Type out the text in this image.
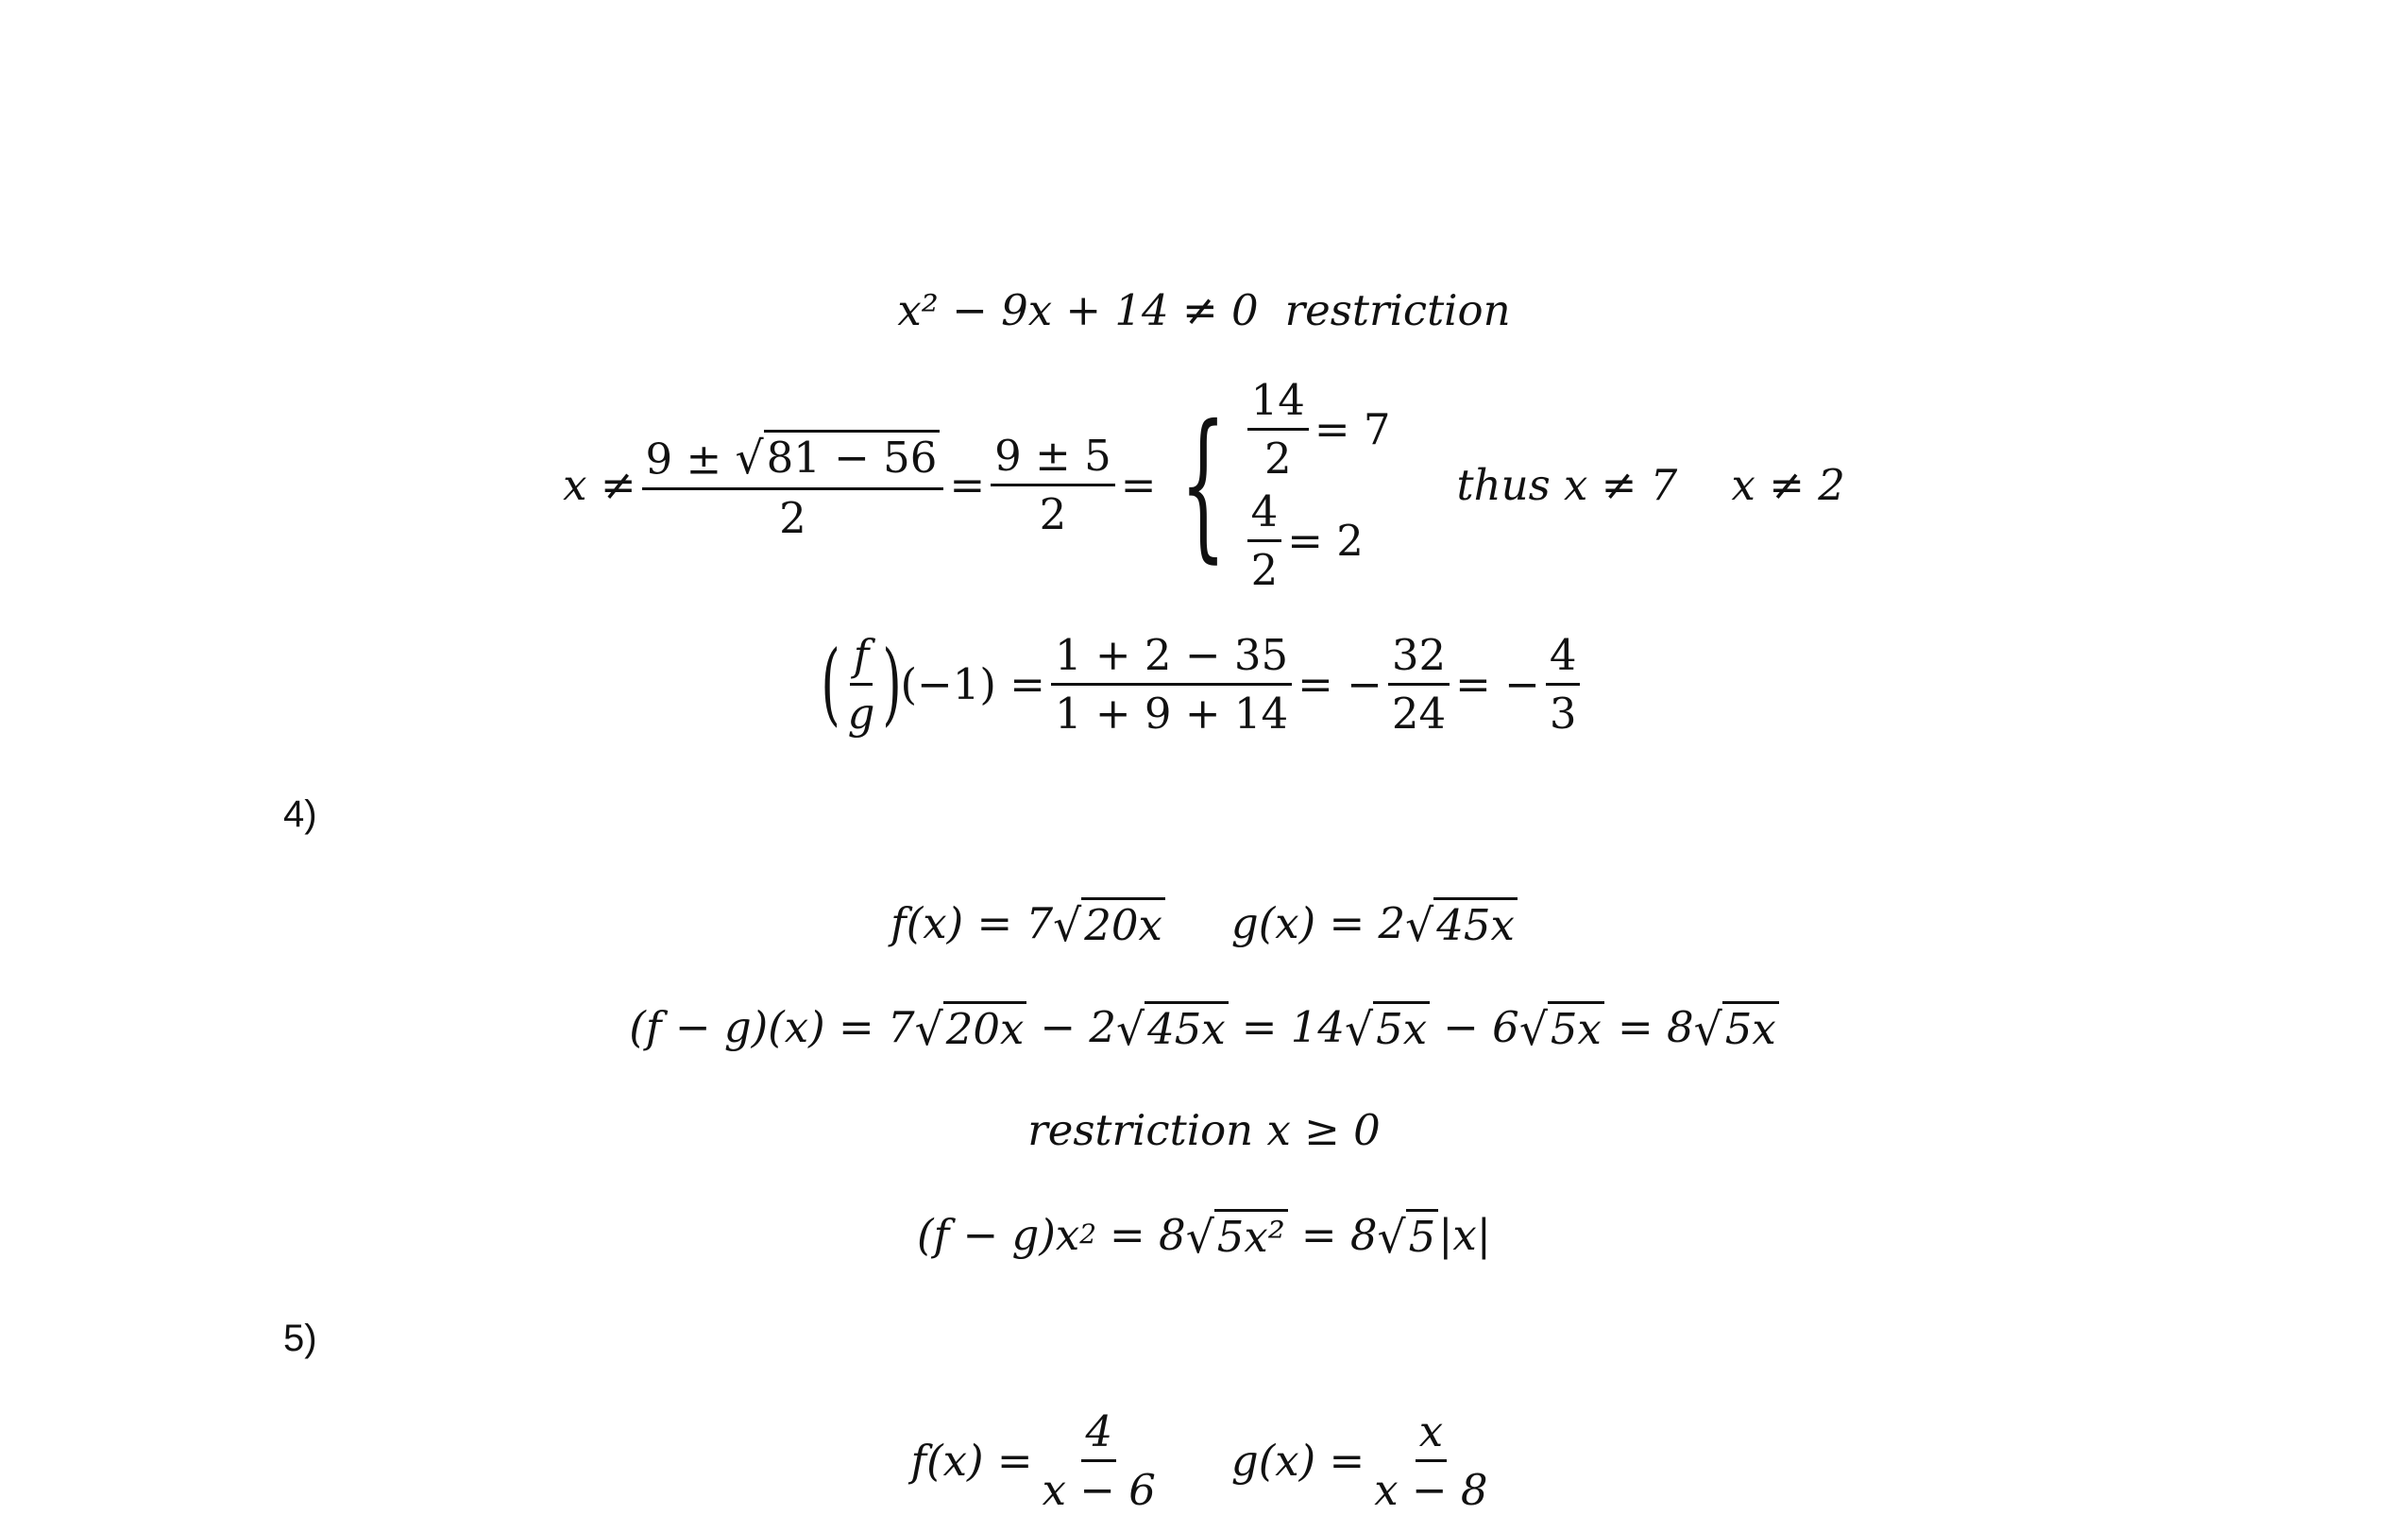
x² − 9x + 14 ≠ 0 restriction
$x \ne \frac{9 \pm √ 81 - 56}{2} = \frac{9 \pm 5}{2}$ = { $\frac{14}{2} = 7$
$\frac{4}{2} = 2$
thus x ≠ 7    x ≠ 2
( $\frac{f}{g}$ )
$(-1) = \frac{1 + 2 - 35}{1 + 9 + 14}$ = − $\frac{32}{24}$ = − $\frac{4}{3}$
4)
f(x) = 7 √ 20x g(x) = 2 √ 45x
(f − g)(x) = 7 √ 20x − 2 √ 45x = 14 √ 5x − 6 √ 5x = 8 √ 5x
restriction x ≥ 0
(f − g)x 2 = 8 √ 5x² = 8 √ 5 |x|
5)
$f(x) = \frac{4}{x - 6} g(x) = \frac{x}{x - 8}$
